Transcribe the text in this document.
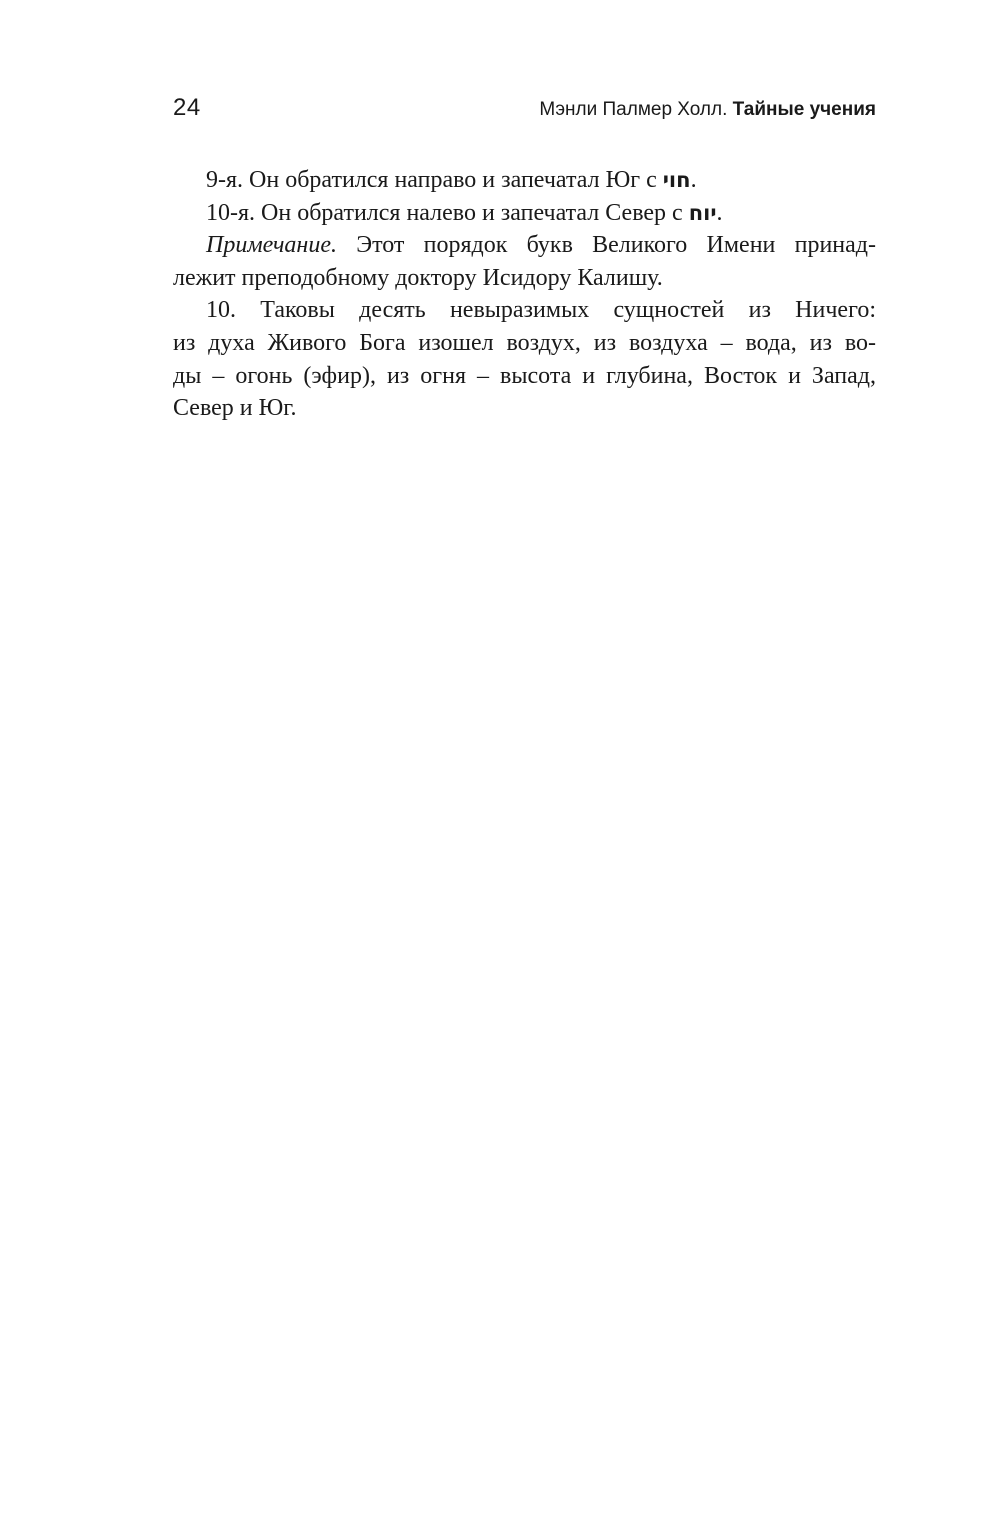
24	Мэнли Палмер Холл. Тайные учения
9-я. Он обратился направо и запечатал Юг с חוי.
10-я. Он обратился налево и запечатал Север с יוח.
Примечание. Этот порядок букв Великого Имени принад-
лежит преподобному доктору Исидору Калишу.
10. Таковы десять невыразимых сущностей из Ничего:
из духа Живого Бога изошел воздух, из воздуха – вода, из во-
ды – огонь (эфир), из огня – высота и глубина, Восток и Запад,
Север и Юг.
